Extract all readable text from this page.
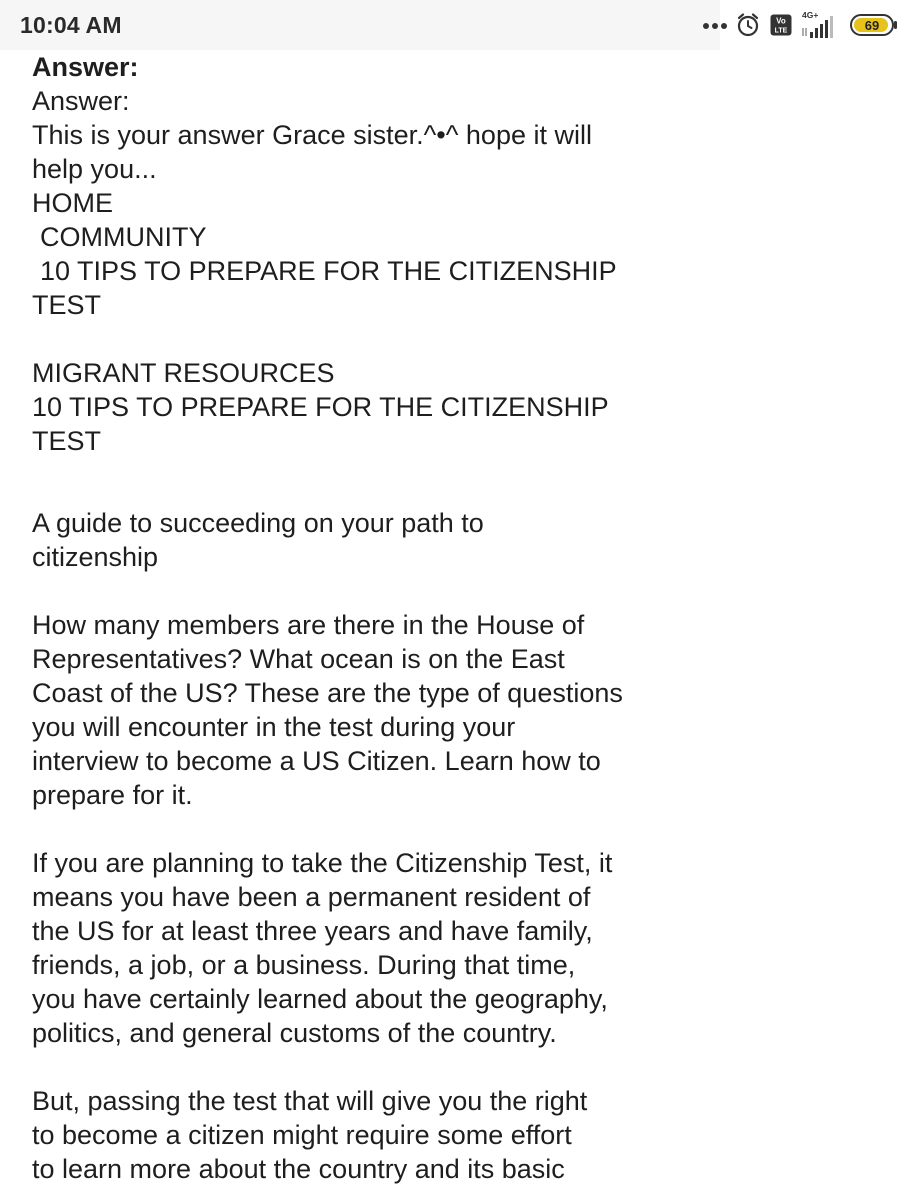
10:04 AM	Vo
LTE
4G+
69

Answer:

Answer:

This is your answer Grace sister.^•^ hope it will

help you...

HOME

COMMUNITY

10 TIPS TO PREPARE FOR THE CITIZENSHIP

TEST

MIGRANT RESOURCES

10 TIPS TO PREPARE FOR THE CITIZENSHIP

TEST

A guide to succeeding on your path to

citizenship

How many members are there in the House of

Representatives? What ocean is on the East

Coast of the US? These are the type of questions

you will encounter in the test during your

interview to become a US Citizen. Learn how to

prepare for it.

If you are planning to take the Citizenship Test, it

means you have been a permanent resident of

the US for at least three years and have family,

friends, a job, or a business. During that time,

you have certainly learned about the geography,

politics, and general customs of the country.

But, passing the test that will give you the right

to become a citizen might require some effort

to learn more about the country and its basic
